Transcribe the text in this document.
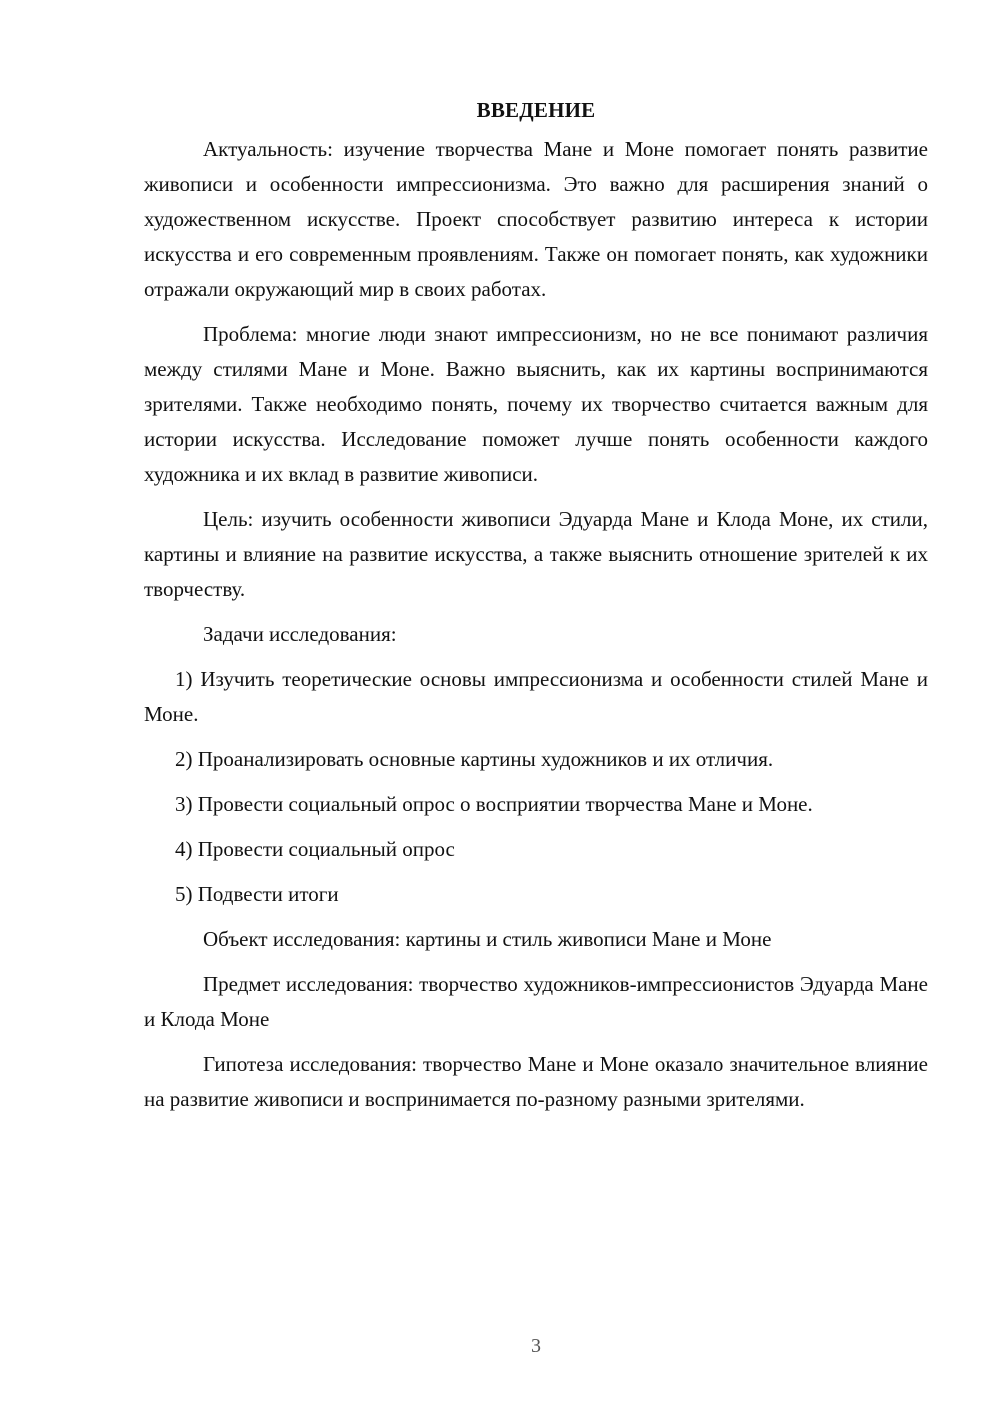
ВВЕДЕНИЕ

Актуальность: изучение творчества Мане и Моне помогает понять развитие живописи и особенности импрессионизма. Это важно для расширения знаний о художественном искусстве. Проект способствует развитию интереса к истории искусства и его современным проявлениям. Также он помогает понять, как художники отражали окружающий мир в своих работах.

Проблема: многие люди знают импрессионизм, но не все понимают различия между стилями Мане и Моне. Важно выяснить, как их картины воспринимаются зрителями. Также необходимо понять, почему их творчество считается важным для истории искусства. Исследование поможет лучше понять особенности каждого художника и их вклад в развитие живописи.

Цель: изучить особенности живописи Эдуарда Мане и Клода Моне, их стили, картины и влияние на развитие искусства, а также выяснить отношение зрителей к их творчеству.

Задачи исследования:

1) Изучить теоретические основы импрессионизма и особенности стилей Мане и Моне.

2) Проанализировать основные картины художников и их отличия.

3) Провести социальный опрос о восприятии творчества Мане и Моне.

4) Провести социальный опрос

5) Подвести итоги

Объект исследования: картины и стиль живописи Мане и Моне

Предмет исследования: творчество художников-импрессионистов Эдуарда Мане и Клода Моне

Гипотеза исследования: творчество Мане и Моне оказало значительное влияние на развитие живописи и воспринимается по-разному разными зрителями.

3
